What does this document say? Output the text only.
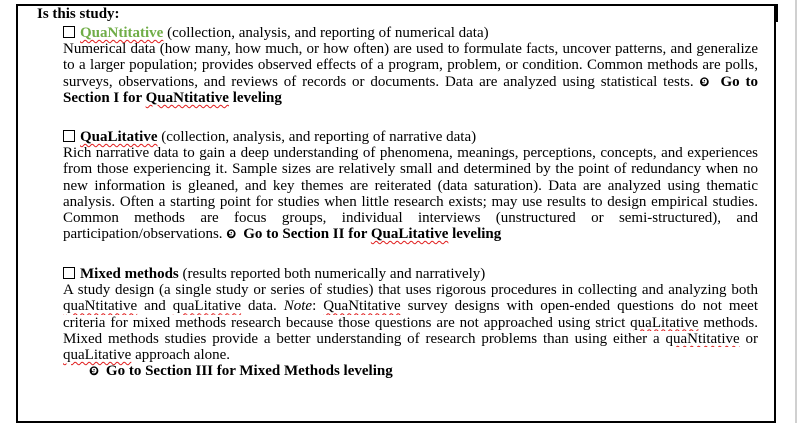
Is this study:
QuaNtitative (collection, analysis, and reporting of numerical data)
Numerical data (how many, how much, or how often) are used to formulate facts, uncover patterns, and generalize
to a larger population; provides observed effects of a program, problem, or condition. Common methods are polls,
surveys, observations, and reviews of records or documents. Data are analyzed using statistical tests. ❾ Go to
Section I for QuaNtitative leveling
QuaLitative (collection, analysis, and reporting of narrative data)
Rich narrative data to gain a deep understanding of phenomena, meanings, perceptions, concepts, and experiences
from those experiencing it. Sample sizes are relatively small and determined by the point of redundancy when no
new information is gleaned, and key themes are reiterated (data saturation). Data are analyzed using thematic
analysis. Often a starting point for studies when little research exists; may use results to design empirical studies.
Common methods are focus groups, individual interviews (unstructured or semi-structured), and
participation/observations. ❾ Go to Section II for QuaLitative leveling
Mixed methods (results reported both numerically and narratively)
A study design (a single study or series of studies) that uses rigorous procedures in collecting and analyzing both
quaNtitative and quaLitative data. Note: QuaNtitative survey designs with open-ended questions do not meet
criteria for mixed methods research because those questions are not approached using strict quaLitative methods.
Mixed methods studies provide a better understanding of research problems than using either a quaNtitative or
quaLitative approach alone.
❾ Go to Section III for Mixed Methods leveling
